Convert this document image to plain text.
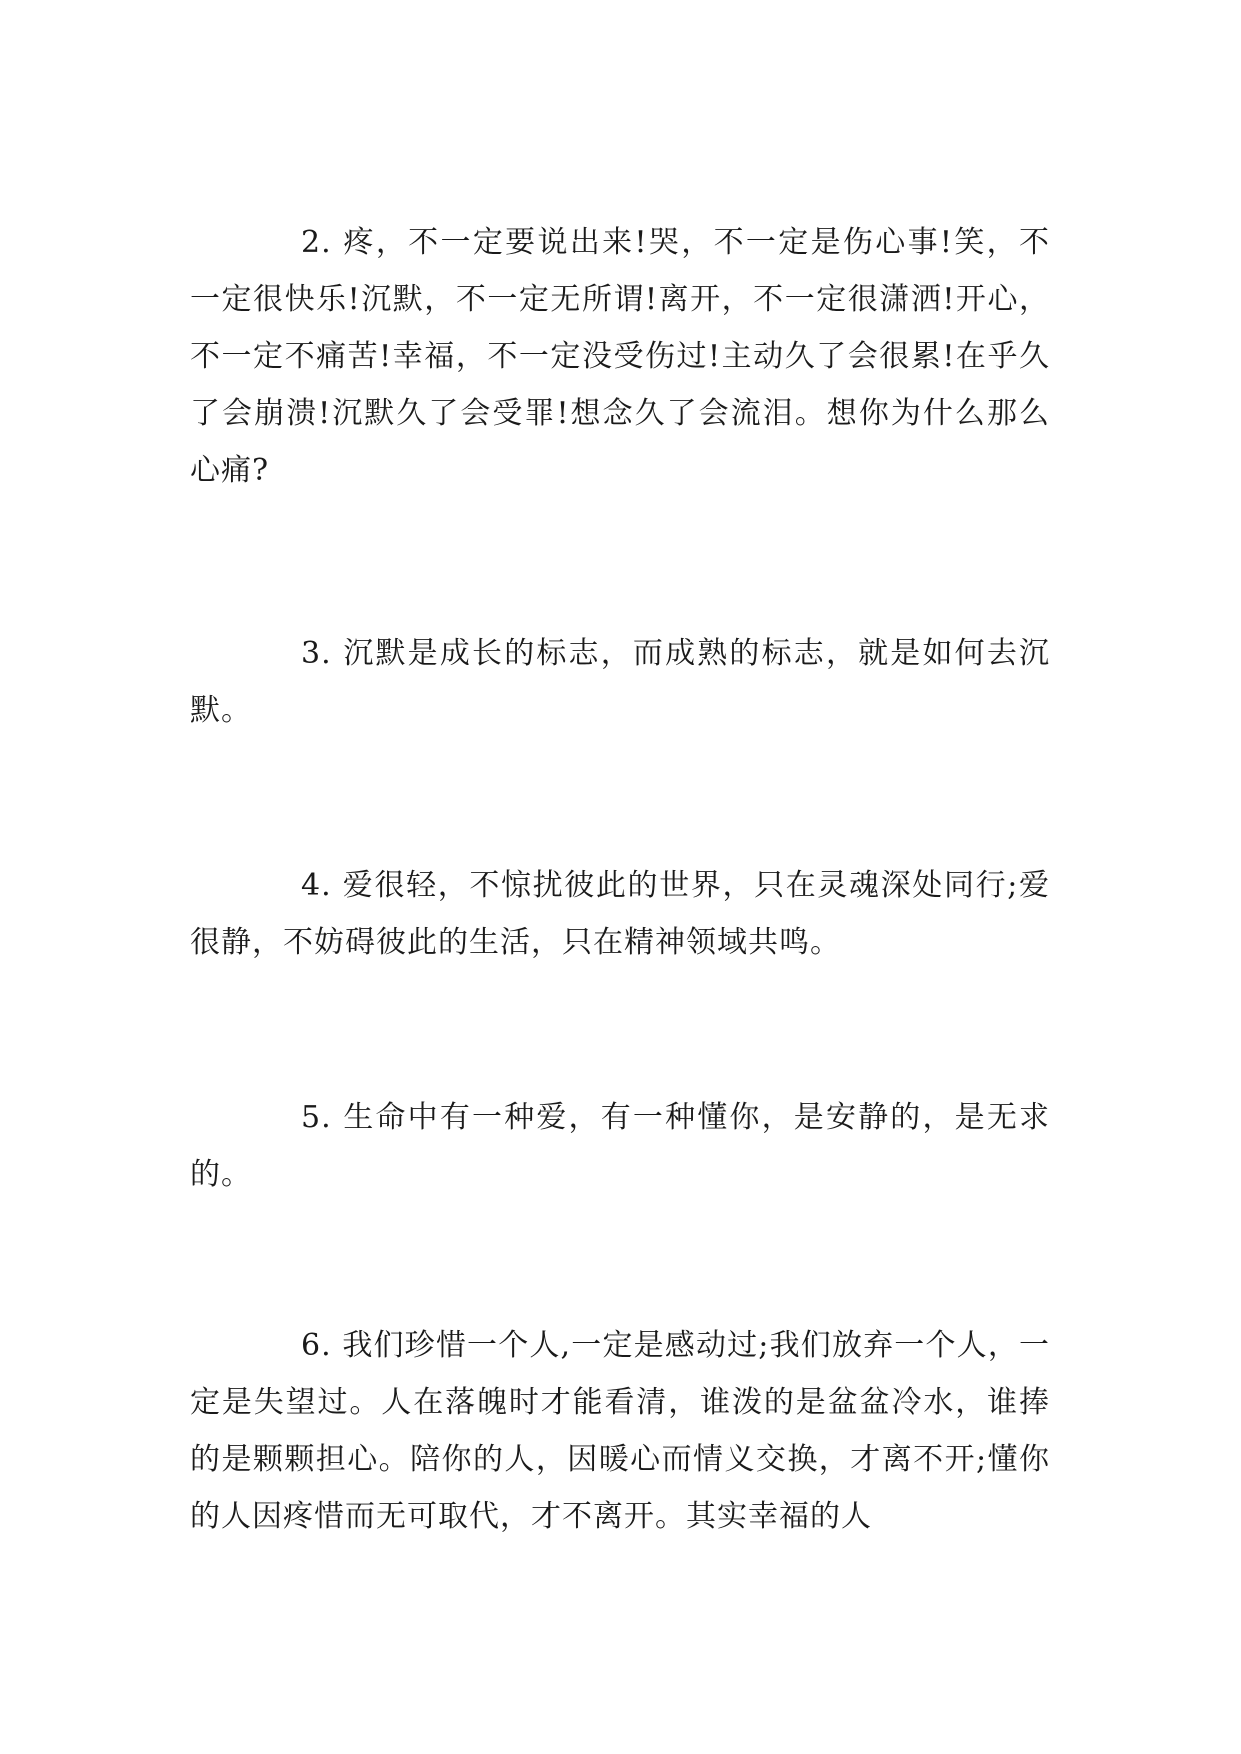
2. 疼，不一定要说出来!哭，不一定是伤心事!笑，不一定很快乐!沉默，不一定无所谓!离开，不一定很潇洒!开心，不一定不痛苦!幸福，不一定没受伤过!主动久了会很累!在乎久了会崩溃!沉默久了会受罪!想念久了会流泪。想你为什么那么心痛?

3. 沉默是成长的标志，而成熟的标志，就是如何去沉默。

4. 爱很轻，不惊扰彼此的世界，只在灵魂深处同行;爱很静，不妨碍彼此的生活，只在精神领域共鸣。

5. 生命中有一种爱，有一种懂你，是安静的，是无求的。

6. 我们珍惜一个人,一定是感动过;我们放弃一个人，一定是失望过。人在落魄时才能看清，谁泼的是盆盆冷水，谁捧的是颗颗担心。陪你的人，因暖心而情义交换，才离不开;懂你的人因疼惜而无可取代，才不离开。其实幸福的人
